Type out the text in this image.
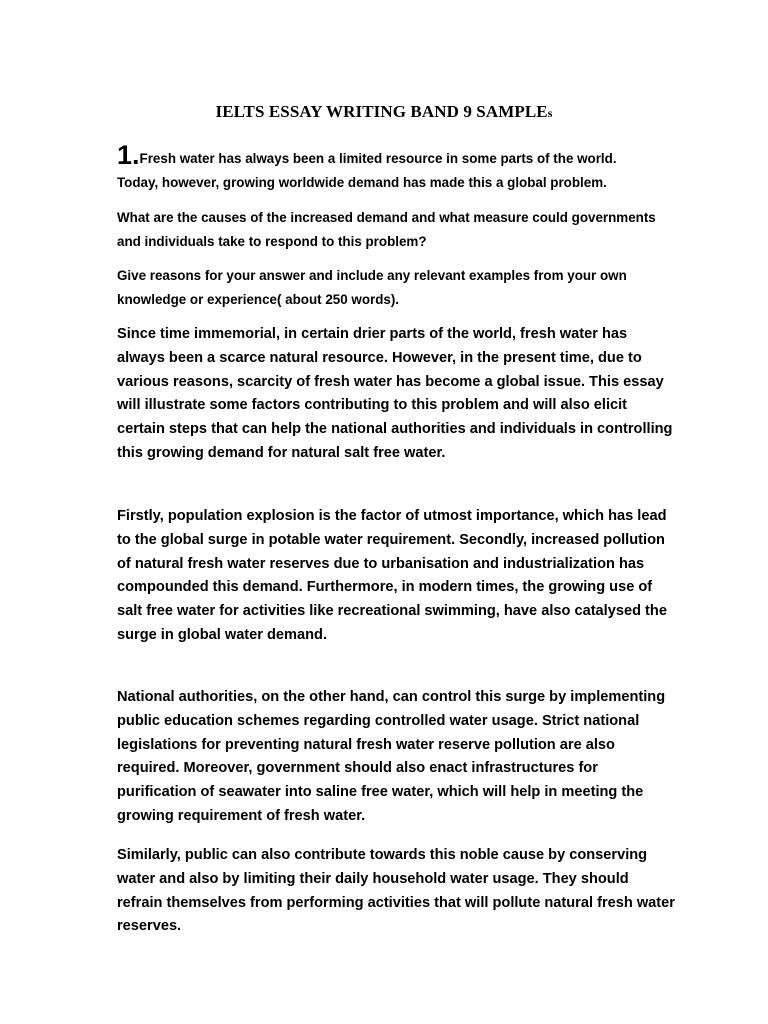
IELTS ESSAY WRITING BAND 9 SAMPLEs

1.Fresh water has always been a limited resource in some parts of the world.
Today, however, growing worldwide demand has made this a global problem.

What are the causes of the increased demand and what measure could governments and individuals take to respond to this problem?

Give reasons for your answer and include any relevant examples from your own knowledge or experience( about 250 words).

Since time immemorial, in certain drier parts of the world, fresh water has always been a scarce natural resource. However, in the present time, due to various reasons, scarcity of fresh water has become a global issue. This essay will illustrate some factors contributing to this problem and will also elicit certain steps that can help the national authorities and individuals in controlling this growing demand for natural salt free water.

Firstly, population explosion is the factor of utmost importance, which has lead to the global surge in potable water requirement. Secondly, increased pollution of natural fresh water reserves due to urbanisation and industrialization has compounded this demand. Furthermore, in modern times, the growing use of salt free water for activities like recreational swimming, have also catalysed the surge in global water demand.

National authorities, on the other hand, can control this surge by implementing public education schemes regarding controlled water usage. Strict national legislations for preventing natural fresh water reserve pollution are also required. Moreover, government should also enact infrastructures for purification of seawater into saline free water, which will help in meeting the growing requirement of fresh water.

Similarly, public can also contribute towards this noble cause by conserving water and also by limiting their daily household water usage. They should refrain themselves from performing activities that will pollute natural fresh water reserves.
